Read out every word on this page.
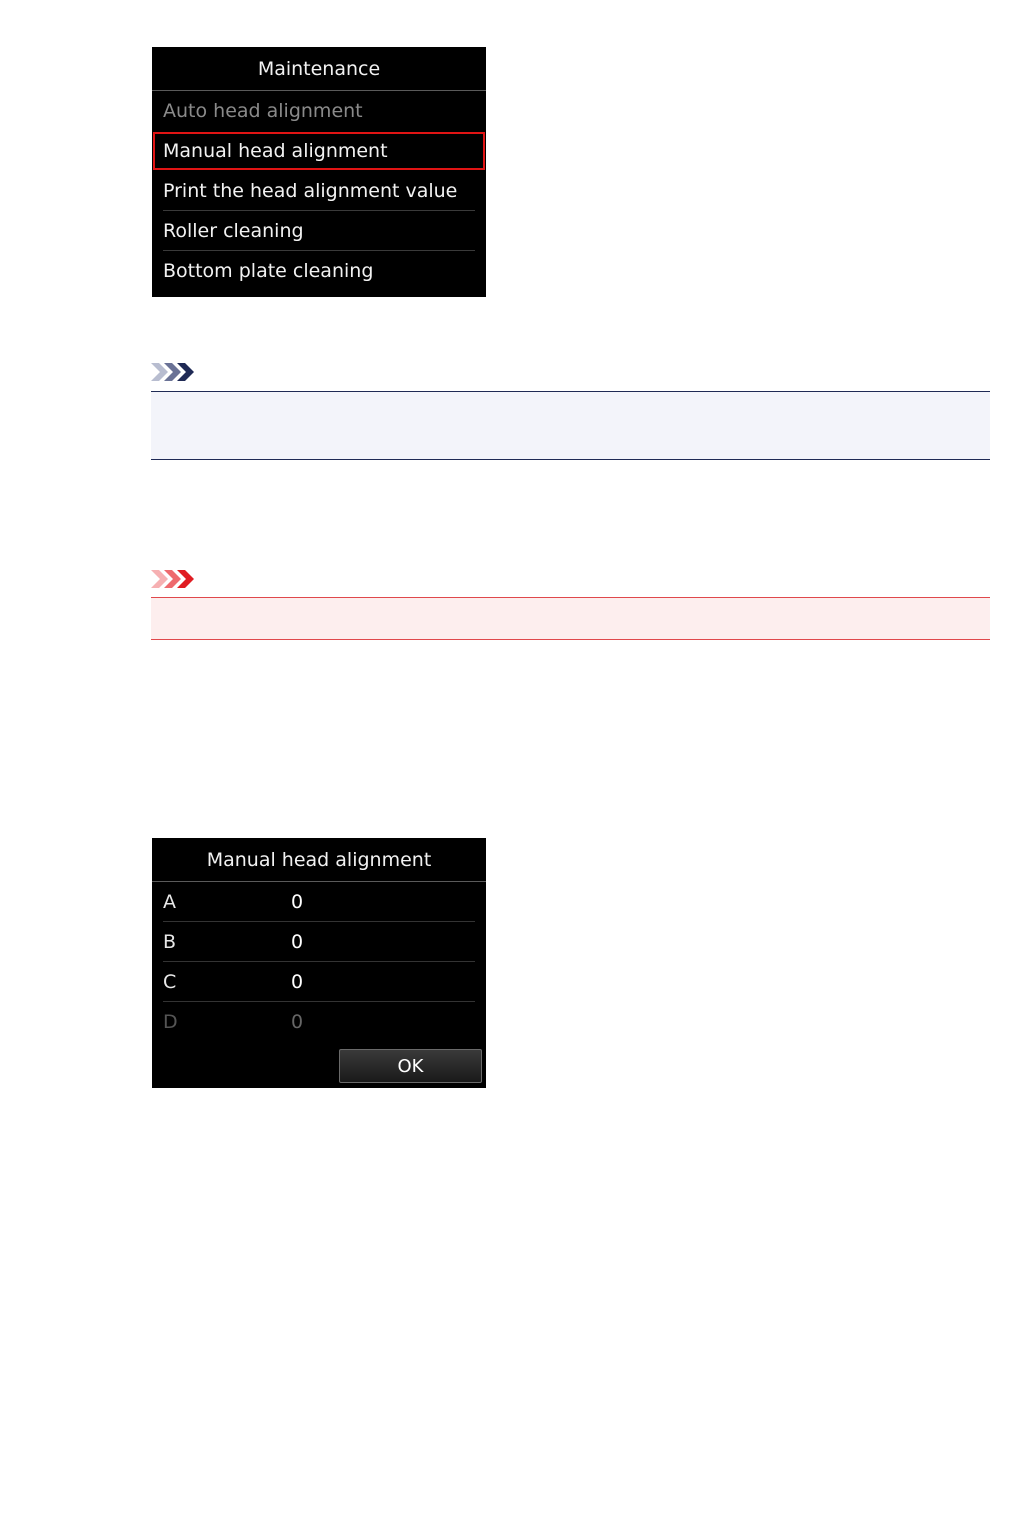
Maintenance
Auto head alignment
Manual head alignment
Print the head alignment value
Roller cleaning
Bottom plate cleaning
Manual head alignment
A	0
B	0
C	0
D	0
OK
